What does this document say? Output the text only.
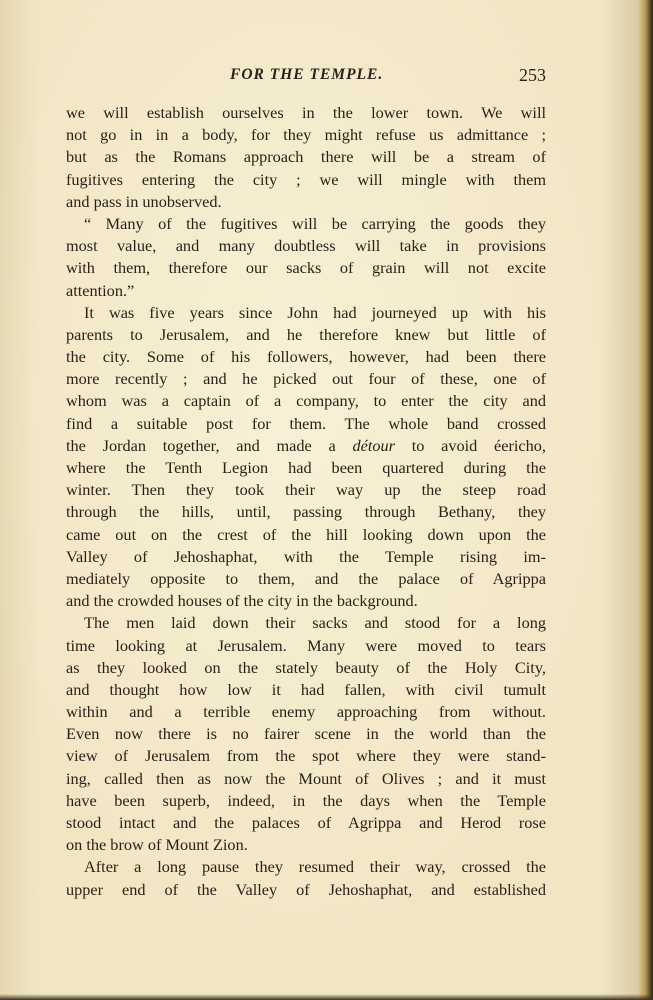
FOR THE TEMPLE.	253
we will establish ourselves in the lower town. We will
not go in in a body, for they might refuse us admittance ;
but as the Romans approach there will be a stream of
fugitives entering the city ; we will mingle with them
and pass in unobserved.
“ Many of the fugitives will be carrying the goods they
most value, and many doubtless will take in provisions
with them, therefore our sacks of grain will not excite
attention.”
It was five years since John had journeyed up with his
parents to Jerusalem, and he therefore knew but little of
the city. Some of his followers, however, had been there
more recently ; and he picked out four of these, one of
whom was a captain of a company, to enter the city and
find a suitable post for them. The whole band crossed
the Jordan together, and made a détour to avoid éericho,
where the Tenth Legion had been quartered during the
winter. Then they took their way up the steep road
through the hills, until, passing through Bethany, they
came out on the crest of the hill looking down upon the
Valley of Jehoshaphat, with the Temple rising im-
mediately opposite to them, and the palace of Agrippa
and the crowded houses of the city in the background.
The men laid down their sacks and stood for a long
time looking at Jerusalem. Many were moved to tears
as they looked on the stately beauty of the Holy City,
and thought how low it had fallen, with civil tumult
within and a terrible enemy approaching from without.
Even now there is no fairer scene in the world than the
view of Jerusalem from the spot where they were stand-
ing, called then as now the Mount of Olives ; and it must
have been superb, indeed, in the days when the Temple
stood intact and the palaces of Agrippa and Herod rose
on the brow of Mount Zion.
After a long pause they resumed their way, crossed the
upper end of the Valley of Jehoshaphat, and established
